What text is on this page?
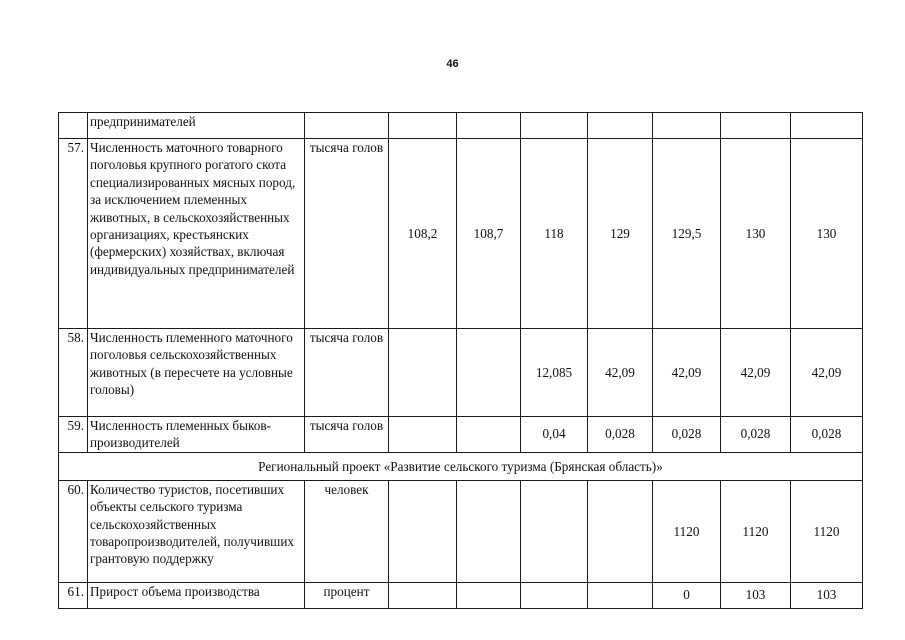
46
	предпринимателей								
57.	Численность маточного товарного поголовья крупного рогатого скота специализированных мясных пород, за исключением племенных животных, в сельскохозяйственных организациях, крестьянских (фермерских) хозяйствах, включая индивидуальных предпринимателей	тысяча голов	108,2	108,7	118	129	129,5	130	130
58.	Численность племенного маточного поголовья сельскохозяйственных животных (в пересчете на условные головы)	тысяча голов			12,085	42,09	42,09	42,09	42,09
59.	Численность племенных быков-производителей	тысяча голов			0,04	0,028	0,028	0,028	0,028
Региональный проект «Развитие сельского туризма (Брянская область)»									
60.	Количество туристов, посетивших объекты сельского туризма сельскохозяйственных товаропроизводителей, получивших грантовую поддержку	человек					1120	1120	1120
61.	Прирост объема производства	процент					0	103	103
